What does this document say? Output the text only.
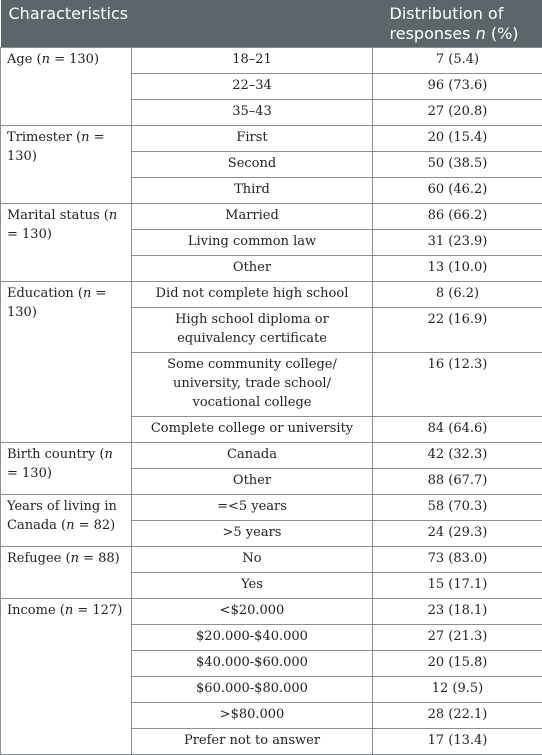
Characteristics		Distribution of responses n (%)
Age (n = 130)	18–21	7 (5.4)
	22–34	96 (73.6)
	35–43	27 (20.8)
Trimester (n = 130)	First	20 (15.4)
	Second	50 (38.5)
	Third	60 (46.2)
Marital status (n = 130)	Married	86 (66.2)
	Living common law	31 (23.9)
	Other	13 (10.0)
Education (n = 130)	Did not complete high school	8 (6.2)
	High school diploma or equivalency certificate	22 (16.9)
	Some community college/ university, trade school/ vocational college	16 (12.3)
	Complete college or university	84 (64.6)
Birth country (n = 130)	Canada	42 (32.3)
	Other	88 (67.7)
Years of living in Canada (n = 82)	=<5 years	58 (70.3)
	>5 years	24 (29.3)
Refugee (n = 88)	No	73 (83.0)
	Yes	15 (17.1)
Income (n = 127)	<$20.000	23 (18.1)
	$20.000-$40.000	27 (21.3)
	$40.000-$60.000	20 (15.8)
	$60.000-$80.000	12 (9.5)
	>$80.000	28 (22.1)
	Prefer not to answer	17 (13.4)
